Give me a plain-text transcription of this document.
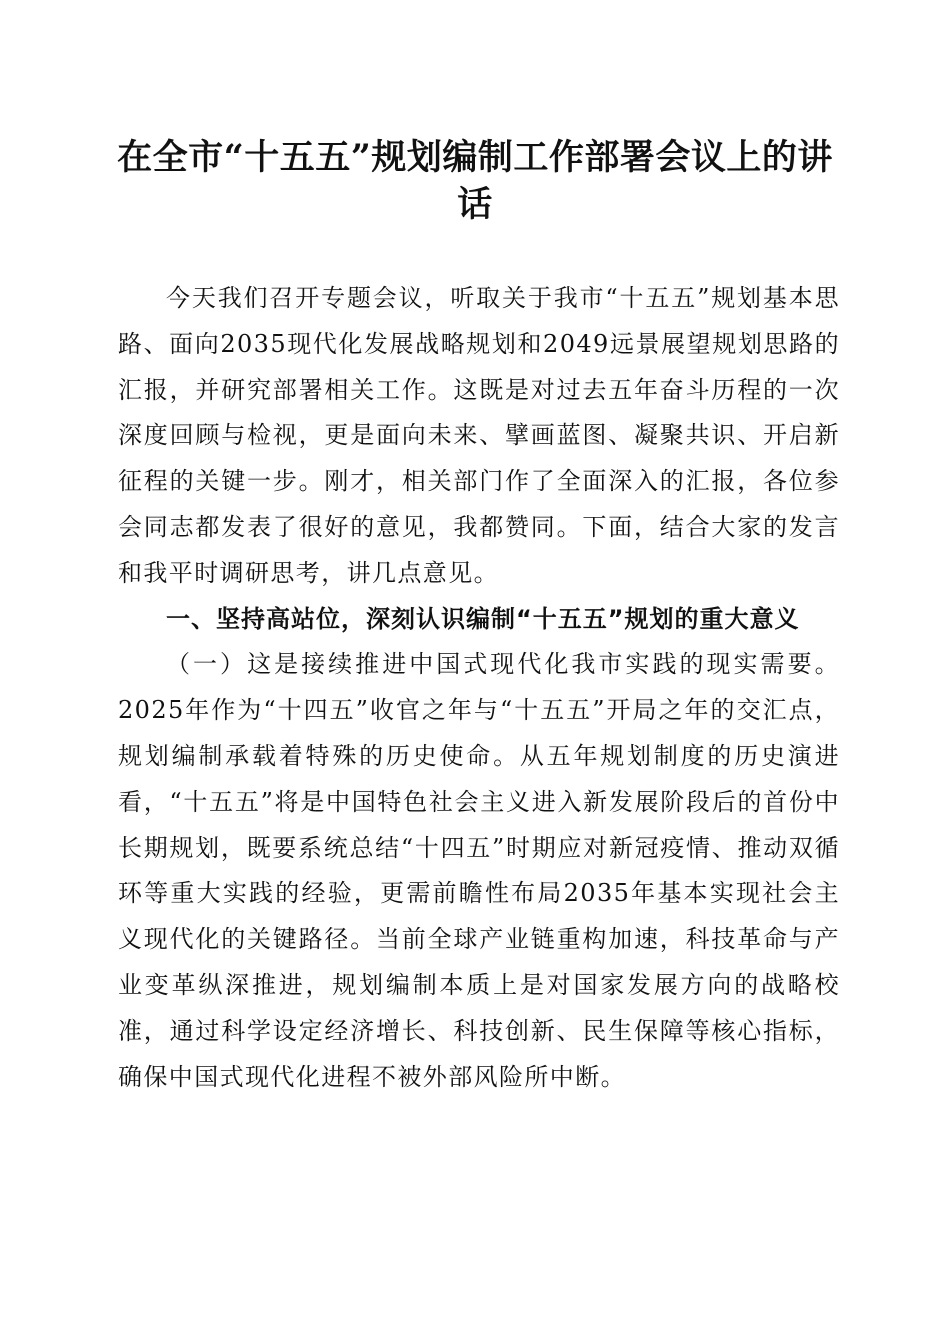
在全市“十五五”规划编制工作部署会议上的讲话

今天我们召开专题会议，听取关于我市“十五五”规划基本思路、面向2035现代化发展战略规划和2049远景展望规划思路的汇报，并研究部署相关工作。这既是对过去五年奋斗历程的一次深度回顾与检视，更是面向未来、擘画蓝图、凝聚共识、开启新征程的关键一步。刚才，相关部门作了全面深入的汇报，各位参会同志都发表了很好的意见，我都赞同。下面，结合大家的发言和我平时调研思考，讲几点意见。

一、坚持高站位，深刻认识编制“十五五”规划的重大意义

（一）这是接续推进中国式现代化我市实践的现实需要。2025年作为“十四五”收官之年与“十五五”开局之年的交汇点，规划编制承载着特殊的历史使命。从五年规划制度的历史演进看，“十五五”将是中国特色社会主义进入新发展阶段后的首份中长期规划，既要系统总结“十四五”时期应对新冠疫情、推动双循环等重大实践的经验，更需前瞻性布局2035年基本实现社会主义现代化的关键路径。当前全球产业链重构加速，科技革命与产业变革纵深推进，规划编制本质上是对国家发展方向的战略校准，通过科学设定经济增长、科技创新、民生保障等核心指标，确保中国式现代化进程不被外部风险所中断。
